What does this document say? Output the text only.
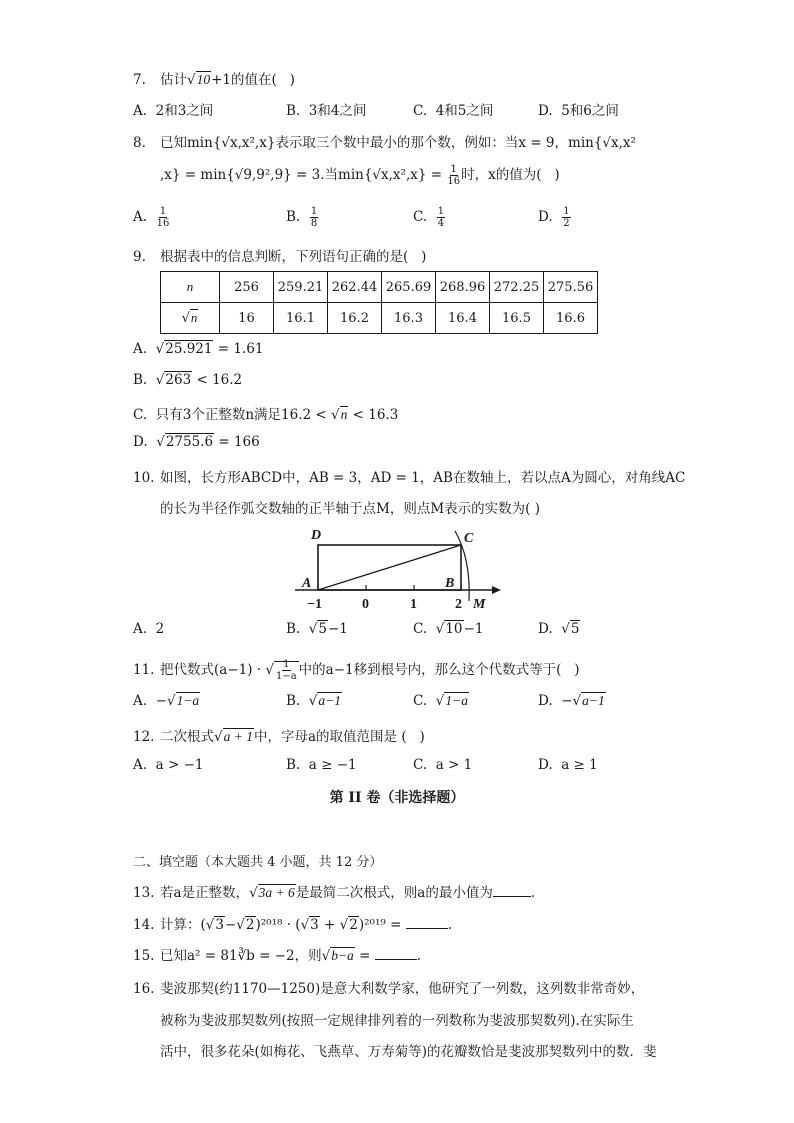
7. 估计√10+1的值在(   )
A.  2和3之间	B.  3和4之间	C.  4和5之间	D.  5和6之间
8. 已知min{√x,x²,x}表示取三个数中最小的那个数，例如：当x = 9，min{√x,x²
,x} = min{√9,9²,9} = 3.当$\min\{√x,x^2,x\} = \frac{1}{16}$ 时，x的值为(   )
A. $\frac{1}{16}$	B. $\frac{1}{8}$	C. $\frac{1}{4}$	D. $\frac{1}{2}$
9. 根据表中的信息判断，下列语句正确的是(   )
n	256	259.21	262.44	265.69	268.96	272.25	275.56
√n	16	16.1	16.2	16.3	16.4	16.5	16.6
A.  √25.921 = 1.61
B.  √263 < 16.2
C. 只有3个正整数n满足16.2 < √n < 16.3
D.  √2755.6 = 166
10. 如图，长方形ABCD中，AB = 3，AD = 1，AB在数轴上，若以点A为圆心，对角线AC
的长为半径作弧交数轴的正半轴于点M，则点M表示的实数为( )
D	C
A	B
M
−1	0	1	2
A.  2	B.  √5−1	C.  √10−1	D.  √5
11. 把代数式(a−1) · √ $\frac{1}{1-a}$ 中的a−1移到根号内，那么这个代数式等于(   )
A. −√1−a	B.  √a−1	C.  √1−a	D. −√a−1
12. 二次根式√a + 1中，字母a的取值范围是 (   )
A.  a > −1	B.  a ≥ −1	C.  a > 1	D.  a ≥ 1
第 II 卷（非选择题）
二、填空题（本大题共 4 小题，共 12 分）
13. 若a是正整数，√3a + 6是最简二次根式，则a的最小值为	.
14. 计算：(√3−√2)²⁰¹⁸ · (√3 + √2)²⁰¹⁹ =	.
15. 已知a² = 81∛b = −2，则√b−a =	.
16. 斐波那契(约1170—1250)是意大利数学家，他研究了一列数，这列数非常奇妙，
被称为斐波那契数列(按照一定规律排列着的一列数称为斐波那契数列).在实际生
活中，很多花朵(如梅花、飞燕草、万寿菊等)的花瓣数恰是斐波那契数列中的数．斐
